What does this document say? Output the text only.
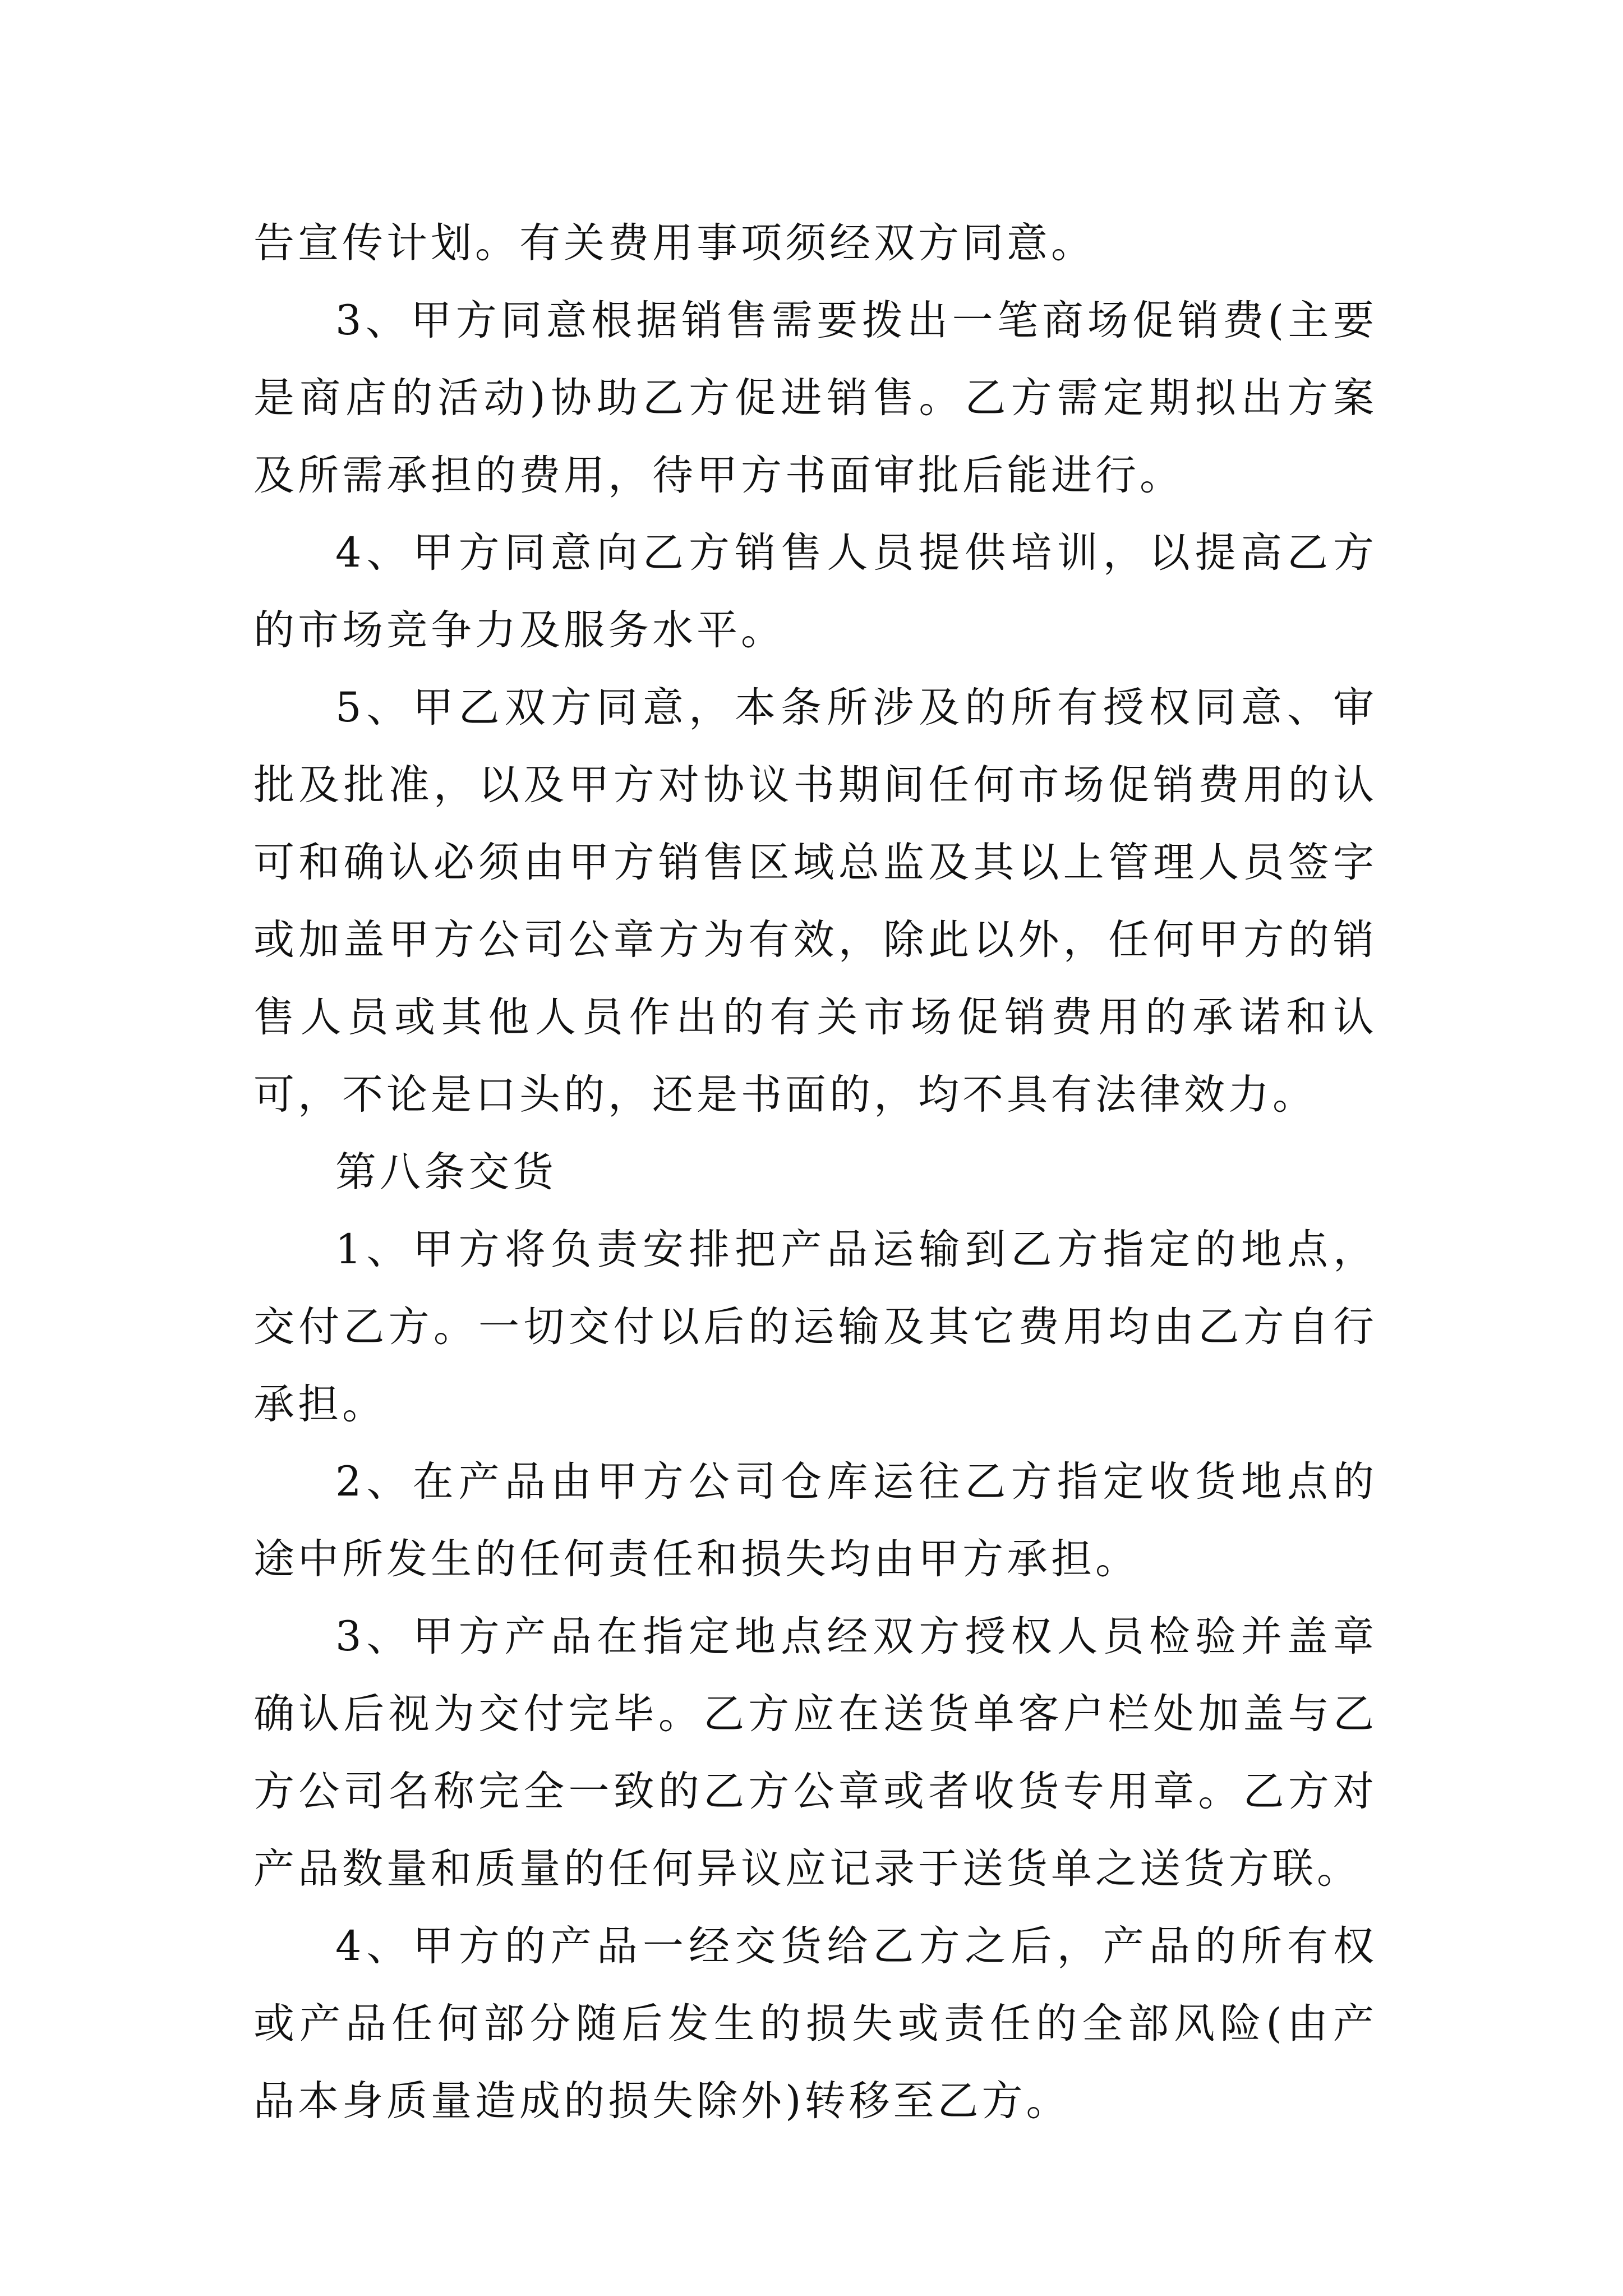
告宣传计划。有关费用事项须经双方同意。

3、甲方同意根据销售需要拨出一笔商场促销费(主要是商店的活动)协助乙方促进销售。乙方需定期拟出方案及所需承担的费用，待甲方书面审批后能进行。

4、甲方同意向乙方销售人员提供培训，以提高乙方的市场竞争力及服务水平。

5、甲乙双方同意，本条所涉及的所有授权同意、审批及批准，以及甲方对协议书期间任何市场促销费用的认可和确认必须由甲方销售区域总监及其以上管理人员签字或加盖甲方公司公章方为有效，除此以外，任何甲方的销售人员或其他人员作出的有关市场促销费用的承诺和认可，不论是口头的，还是书面的，均不具有法律效力。

第八条交货

1、甲方将负责安排把产品运输到乙方指定的地点，交付乙方。一切交付以后的运输及其它费用均由乙方自行承担。

2、在产品由甲方公司仓库运往乙方指定收货地点的途中所发生的任何责任和损失均由甲方承担。

3、甲方产品在指定地点经双方授权人员检验并盖章确认后视为交付完毕。乙方应在送货单客户栏处加盖与乙方公司名称完全一致的乙方公章或者收货专用章。乙方对产品数量和质量的任何异议应记录于送货单之送货方联。

4、甲方的产品一经交货给乙方之后，产品的所有权或产品任何部分随后发生的损失或责任的全部风险(由产品本身质量造成的损失除外)转移至乙方。
